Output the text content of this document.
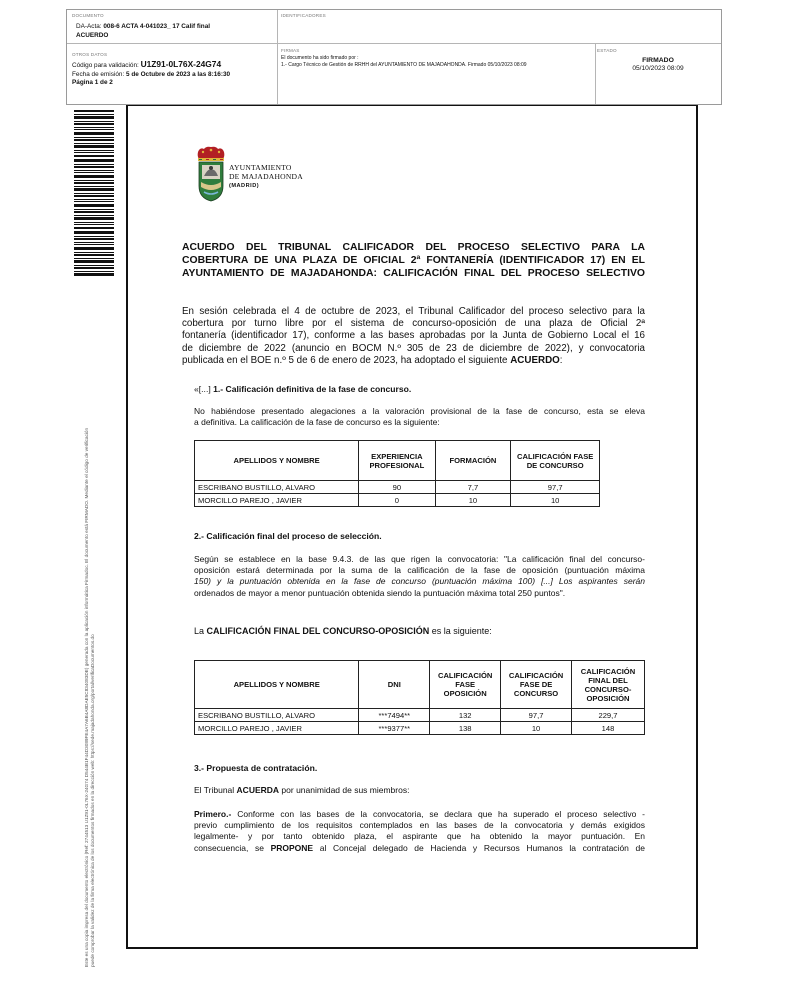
DOCUMENTO
DA-Acta: 008-6 ACTA 4-041023_ 17 Calif final
ACUERDO
IDENTIFICADORES
OTROS DATOS
Código para validación: U1Z91-0L76X-24G74
Fecha de emisión: 5 de Octubre de 2023 a las 8:16:30
Página 1 de 2
FIRMAS
El documento ha sido firmado por :
1.- Cargo Técnico de Gestión de RRHH del AYUNTAMIENTO DE MAJADAHONDA. Firmado 05/10/2023 08:09
ESTADO
FIRMADO
05/10/2023 08:09
Este es una copia impresa del documento electrónico (Ref: 2744513 U1Z91-0L76X-24G74 D544B1F44D3089FE4A7A6B4A8DAE5C834083DE) generada con la aplicación informática Firmadoc. El documento está FIRMADO. Mediante el código de verificación puede comprobar la validez de la firma electrónica de los documentos firmados en la dirección web: https://sede.majadahonda.org/portal/verificaDocumentos.do
AYUNTAMIENTO
DE MAJADAHONDA
(MADRID)
ACUERDO DEL TRIBUNAL CALIFICADOR DEL PROCESO SELECTIVO PARA LA
COBERTURA DE UNA PLAZA DE OFICIAL 2ª FONTANERÍA (IDENTIFICADOR 17) EN EL
AYUNTAMIENTO DE MAJADAHONDA: CALIFICACIÓN FINAL DEL PROCESO SELECTIVO
En sesión celebrada el 4 de octubre de 2023, el Tribunal Calificador del proceso selectivo para la
cobertura por turno libre por el sistema de concurso-oposición de una plaza de Oficial 2ª
fontanería (identificador 17), conforme a las bases aprobadas por la Junta de Gobierno Local el 16
de diciembre de 2022 (anuncio en BOCM N.º 305 de 23 de diciembre de 2022), y convocatoria
publicada en el BOE n.º 5 de 6 de enero de 2023, ha adoptado el siguiente ACUERDO:
«[...] 1.- Calificación definitiva de la fase de concurso.
No habiéndose presentado alegaciones a la valoración provisional de la fase de concurso, esta se eleva
a definitiva. La calificación de la fase de concurso es la siguiente:
APELLIDOS Y NOMBRE	EXPERIENCIA PROFESIONAL	FORMACIÓN	CALIFICACIÓN FASE DE CONCURSO
ESCRIBANO BUSTILLO, ALVARO	90	7,7	97,7
MORCILLO PAREJO , JAVIER	0	10	10
2.- Calificación final del proceso de selección.
Según se establece en la base 9.4.3. de las que rigen la convocatoria: "La calificación final del concurso-
oposición estará determinada por la suma de la calificación de la fase de oposición (puntuación máxima
150) y la puntuación obtenida en la fase de concurso (puntuación máxima 100) [...] Los aspirantes serán
ordenados de mayor a menor puntuación obtenida siendo la puntuación máxima total 250 puntos".
La CALIFICACIÓN FINAL DEL CONCURSO-OPOSICIÓN es la siguiente:
APELLIDOS Y NOMBRE	DNI	CALIFICACIÓN FASE OPOSICIÓN	CALIFICACIÓN FASE DE CONCURSO	CALIFICACIÓN FINAL DEL CONCURSO-OPOSICIÓN
ESCRIBANO BUSTILLO, ALVARO	***7494**	132	97,7	229,7
MORCILLO PAREJO , JAVIER	***9377**	138	10	148
3.- Propuesta de contratación.
El Tribunal ACUERDA por unanimidad de sus miembros:
Primero.- Conforme con las bases de la convocatoria, se declara que ha superado el proceso selectivo -
previo cumplimiento de los requisitos contemplados en las bases de la convocatoria y demás exigidos
legalmente- y por tanto obtenido plaza, el aspirante que ha obtenido la mayor puntuación. En
consecuencia, se PROPONE al Concejal delegado de Hacienda y Recursos Humanos la contratación de
